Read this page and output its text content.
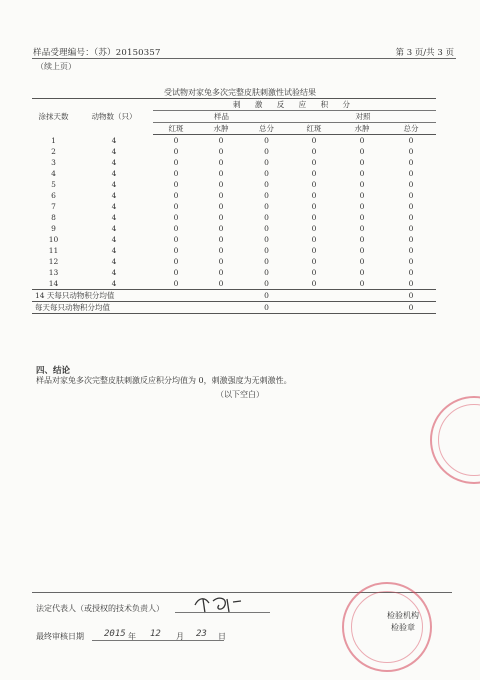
样品受理编号：（苏）20150357	第 3 页/共 3 页
（续上页）
受试物对家兔多次完整皮肤刺激性试验结果
涂抹天数	动物数（只）	刺 激 反 应 积 分					
		样品			对照		
		红斑	水肿	总分	红斑	水肿	总分
1	4	0	0	0	0	0	0
2	4	0	0	0	0	0	0
3	4	0	0	0	0	0	0
4	4	0	0	0	0	0	0
5	4	0	0	0	0	0	0
6	4	0	0	0	0	0	0
7	4	0	0	0	0	0	0
8	4	0	0	0	0	0	0
9	4	0	0	0	0	0	0
10	4	0	0	0	0	0	0
11	4	0	0	0	0	0	0
12	4	0	0	0	0	0	0
13	4	0	0	0	0	0	0
14	4	0	0	0	0	0	0
14 天每只动物积分均值				0			0
每天每只动物积分均值				0			0
四、结论
样品对家兔多次完整皮肤刺激反应积分均值为 0，刺激强度为无刺激性。
（以下空白）
法定代表人（或授权的技术负责人）
最终审核日期 2015 年 12 月 23 日
检验机构
检验章
